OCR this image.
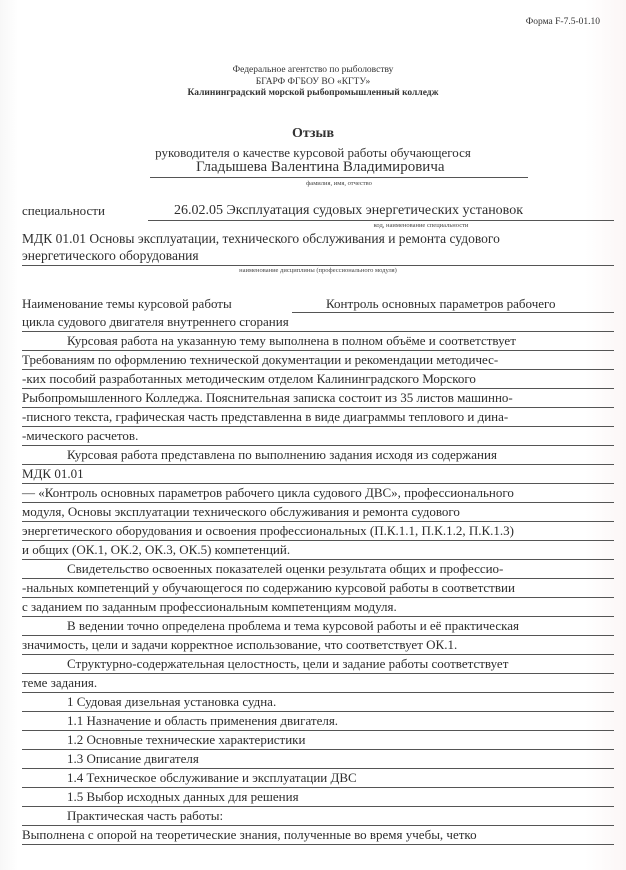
Форма F-7.5-01.10
Федеральное агентство по рыболовству
БГАРФ ФГБОУ ВО «КГТУ»
Калининградский морской рыбопромышленный колледж
Отзыв
руководителя о качестве курсовой работы обучающегося
Гладышева Валентина Владимировича
фамилия, имя, отчество
специальности	26.02.05 Эксплуатация судовых энергетических установок
код, наименование специальности
МДК 01.01 Основы эксплуатации, технического обслуживания и ремонта судового
энергетического оборудования
наименование дисциплины (профессионального модуля)
Наименование темы курсовой работы	Контроль основных параметров рабочего
цикла судового двигателя внутреннего сгорания
Курсовая работа на указанную тему выполнена в полном объёме и соответствует
Требованиям по оформлению технической документации и рекомендации методичес-
-ких пособий разработанных методическим отделом Калининградского Морского
Рыбопромышленного Колледжа. Пояснительная записка состоит из 35 листов машинно-
-писного текста, графическая часть представленна в виде диаграммы теплового и дина-
-мического расчетов.
Курсовая работа представлена по выполнению задания исходя из содержания
МДК 01.01
— «Контроль основных параметров рабочего цикла судового ДВС», профессионального
модуля, Основы эксплуатации технического обслуживания и ремонта судового
энергетического оборудования и освоения профессиональных (П.К.1.1, П.К.1.2, П.К.1.3)
и общих (ОК.1, ОК.2, ОК.3, ОК.5) компетенций.
Свидетельство освоенных показателей оценки результата общих и профессио-
-нальных компетенций у обучающегося по содержанию курсовой работы в соответствии
с заданием по заданным профессиональным компетенциям модуля.
В ведении точно определена проблема и тема курсовой работы и её практическая
значимость, цели и задачи корректное использование, что соответствует ОК.1.
Структурно-содержательная целостность, цели и задание работы соответствует
теме задания.
1 Судовая дизельная установка судна.
1.1 Назначение и область применения двигателя.
1.2 Основные технические характеристики
1.3 Описание двигателя
1.4 Техническое обслуживание и эксплуатации ДВС
1.5 Выбор исходных данных для решения
Практическая часть работы:
Выполнена с опорой на теоретические знания, полученные во время учебы, четко
